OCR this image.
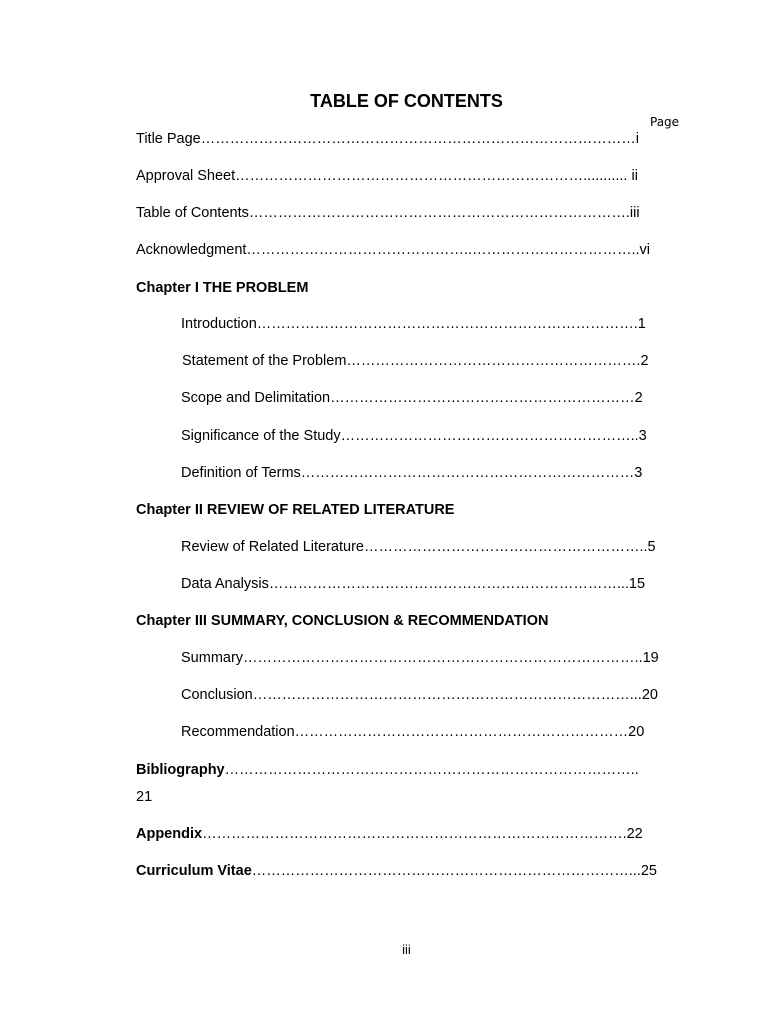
TABLE OF CONTENTS
Page
Title Page………………………………………………………………………………i
Approval Sheet………………………………………………………………........... ii
Table of Contents…………………………………………………………………….iii
Acknowledgment………………………………………..……………………………..vi
Chapter I THE PROBLEM
Introduction…………………………………………………………………….1
Statement of the Problem…………………………………………………….2
Scope and Delimitation………………………………………………………2
Significance of the Study……………………………………………………..3
Definition of Terms……………………………………………………………3
Chapter II REVIEW OF RELATED LITERATURE
Review of Related Literature…………………………………………………..5
Data Analysis………………………………………………………………...15
Chapter III SUMMARY, CONCLUSION & RECOMMENDATION
Summary………………………………………………………………………..19
Conclusion……………………………………………………………………...20
Recommendation……………………………………………………………20
Bibliography…………………………………………………………………………..
21
Appendix…………………………………………………………………………….22
Curriculum Vitae……………………………………………………………………...25
iii
